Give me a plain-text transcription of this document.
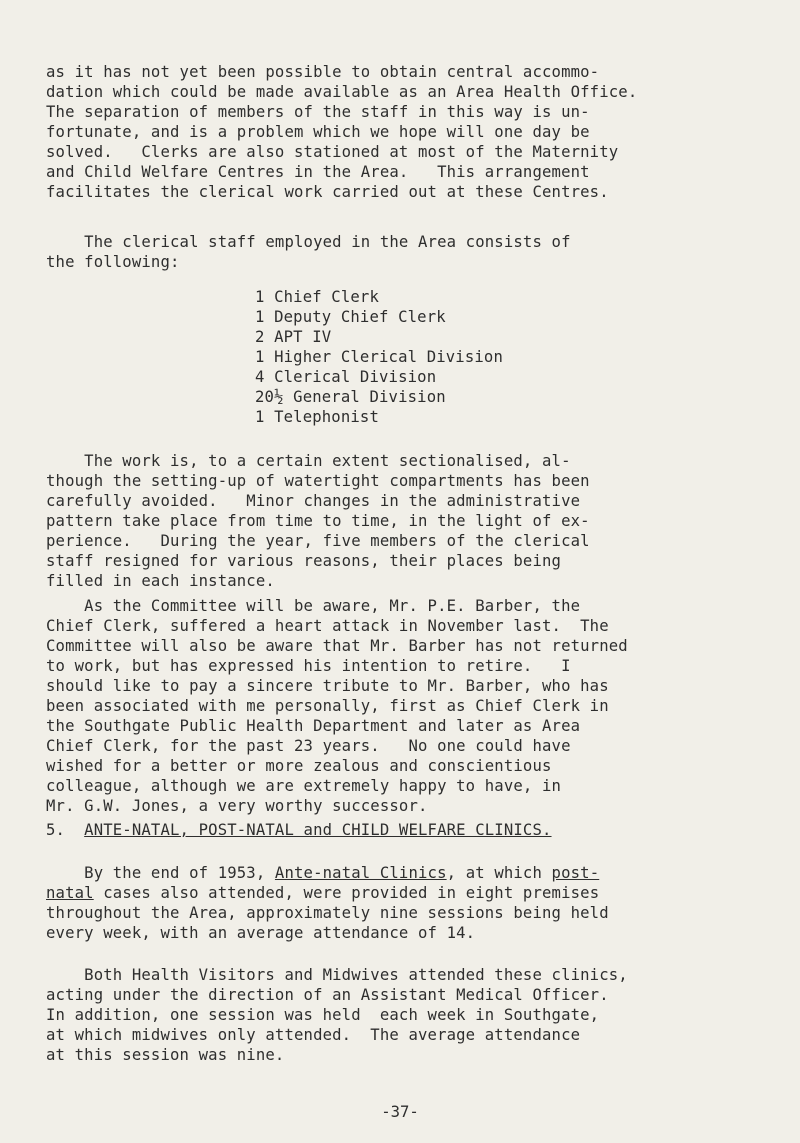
as it has not yet been possible to obtain central accommo-
dation which could be made available as an Area Health Office.
The separation of members of the staff in this way is un-
fortunate, and is a problem which we hope will one day be
solved.   Clerks are also stationed at most of the Maternity
and Child Welfare Centres in the Area.   This arrangement
facilitates the clerical work carried out at these Centres.
The clerical staff employed in the Area consists of
the following:
1 Chief Clerk
1 Deputy Chief Clerk
2 APT IV
1 Higher Clerical Division
4 Clerical Division
20½ General Division
1 Telephonist
The work is, to a certain extent sectionalised, al-
though the setting-up of watertight compartments has been
carefully avoided.   Minor changes in the administrative
pattern take place from time to time, in the light of ex-
perience.   During the year, five members of the clerical
staff resigned for various reasons, their places being
filled in each instance.
As the Committee will be aware, Mr. P.E. Barber, the
Chief Clerk, suffered a heart attack in November last.  The
Committee will also be aware that Mr. Barber has not returned
to work, but has expressed his intention to retire.   I
should like to pay a sincere tribute to Mr. Barber, who has
been associated with me personally, first as Chief Clerk in
the Southgate Public Health Department and later as Area
Chief Clerk, for the past 23 years.   No one could have
wished for a better or more zealous and conscientious
colleague, although we are extremely happy to have, in
Mr. G.W. Jones, a very worthy successor.
5. ANTE-NATAL, POST-NATAL and CHILD WELFARE CLINICS.
By the end of 1953, Ante-natal Clinics, at which post-
natal cases also attended, were provided in eight premises
throughout the Area, approximately nine sessions being held
every week, with an average attendance of 14.
Both Health Visitors and Midwives attended these clinics,
acting under the direction of an Assistant Medical Officer.
In addition, one session was held  each week in Southgate,
at which midwives only attended.  The average attendance
at this session was nine.
-37-
